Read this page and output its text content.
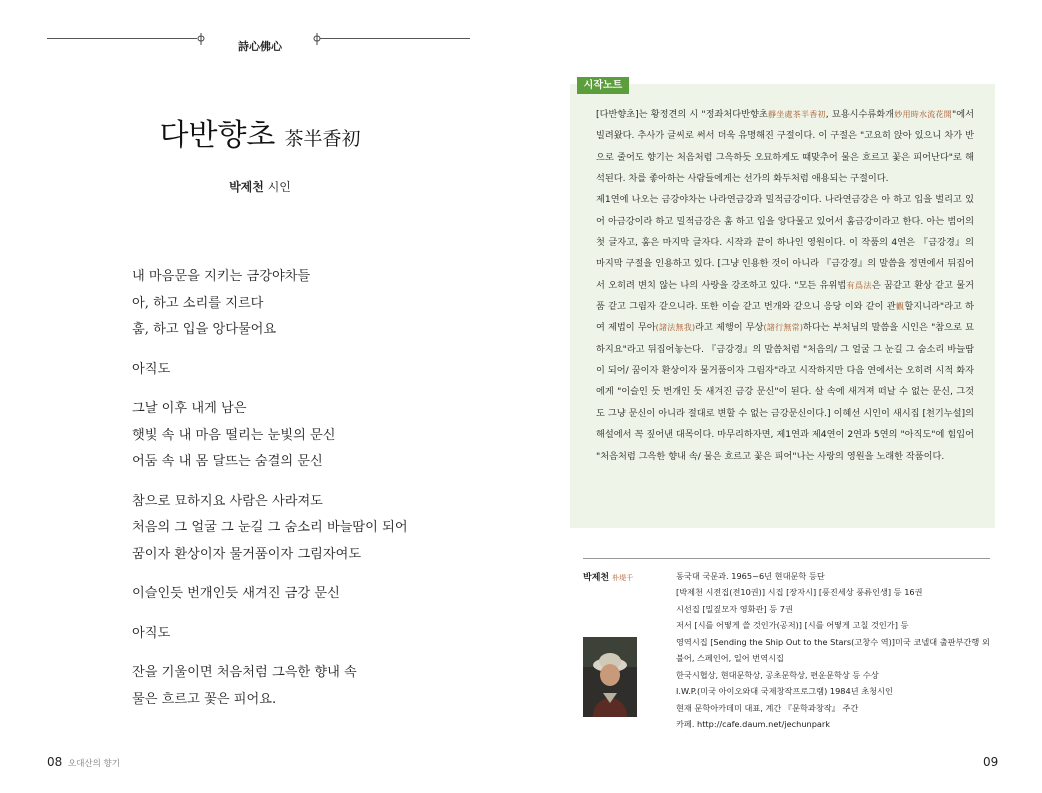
詩心佛心
다반향초 茶半香初
박제천 시인
내 마음문을 지키는 금강야차들
아, 하고 소리를 지르다
훔, 하고 입을 앙다물어요
아직도
그날 이후 내게 남은
햇빛 속 내 마음 떨리는 눈빛의 문신
어둠 속 내 몸 달뜨는 숨결의 문신
참으로 묘하지요 사람은 사라져도
처음의 그 얼굴 그 눈길 그 숨소리 바늘땀이 되어
꿈이자 환상이자 물거품이자 그림자여도
이슬인듯 번개인듯 새겨진 금강 문신
아직도
잔을 기울이면 처음처럼 그윽한 향내 속
물은 흐르고 꽃은 피어요.
시작노트

[다반향초]는 황정견의 시 "정좌처다반향초靜坐處茶半香初, 묘용시수류화개妙用時水流花開"에서 빌려왔다. 추사가 글씨로 써서 더욱 유명해진 구절이다. 이 구절은 "고요히 앉아 있으니 차가 반으로 줄어도 향기는 처음처럼 그윽하듯 오묘하게도 때맞추어 물은 흐르고 꽃은 피어난다"로 해석된다. 차를 좋아하는 사람들에게는 선가의 화두처럼 애용되는 구절이다.

제1연에 나오는 금강야차는 나라연금강과 밀적금강이다. 나라연금강은 아 하고 입을 벌리고 있어 아금강이라 하고 밀적금강은 훔 하고 입을 앙다물고 있어서 훔금강이라고 한다. 아는 범어의 첫 글자고, 훔은 마지막 글자다. 시작과 끝이 하나인 영원이다. 이 작품의 4연은 『금강경』의 마지막 구절을 인용하고 있다. [그냥 인용한 것이 아니라 『금강경』의 말씀을 정면에서 뒤집어서 오히려 변치 않는 나의 사랑을 강조하고 있다. "모든 유위법有爲法은 꿈같고 환상 같고 물거품 같고 그림자 같으니라. 또한 이슬 같고 번개와 같으니 응당 이와 같이 관觀할지니라"라고 하여 제법이 무아(諸法無我)라고 제행이 무상(諸行無常)하다는 부처님의 말씀을 시인은 "참으로 묘하지요"라고 뒤집어놓는다. 『금강경』의 말씀처럼 "처음의/ 그 얼굴 그 눈길 그 숨소리 바늘땀이 되어/ 꿈이자 환상이자 물거품이자 그림자"라고 시작하지만 다음 연에서는 오히려 시적 화자에게 "이슬인 듯 번개인 듯 새겨진 금강 문신"이 된다. 살 속에 새겨져 떠날 수 없는 문신, 그것도 그냥 문신이 아니라 절대로 변할 수 없는 금강문신이다.] 이혜선 시인이 새시집 [천기누설]의 해설에서 꼭 짚어낸 대목이다. 마무리하자면, 제1연과 제4연이 2연과 5연의 "아직도"에 힘입어 "처음처럼 그윽한 향내 속/ 물은 흐르고 꽃은 피어"나는 사랑의 영원을 노래한 작품이다.

박제천 朴堤千	동국대 국문과. 1965~6년 현대문학 등단
[박제천 시전집(전10권)] 시집 [장자시] [풍진세상 풍류인생] 등 16권
시선집 [밀짚모자 영화관] 등 7권
저서 [시를 어떻게 쓸 것인가(공저)] [시를 어떻게 고칠 것인가] 등
영역시집 [Sending the Ship Out to the Stars(고창수 역)]미국 코넬대 출판부간행 외
불어, 스페인어, 일어 번역시집
한국시협상, 현대문학상, 공초문학상, 편운문학상 등 수상
I.W.P.(미국 아이오와대 국제창작프로그램) 1984년 초청시인
현재 문학아카데미 대표, 계간 『문학과창작』 주간
카페. http://cafe.daum.net/jechunpark
08 오대산의 향기	09
